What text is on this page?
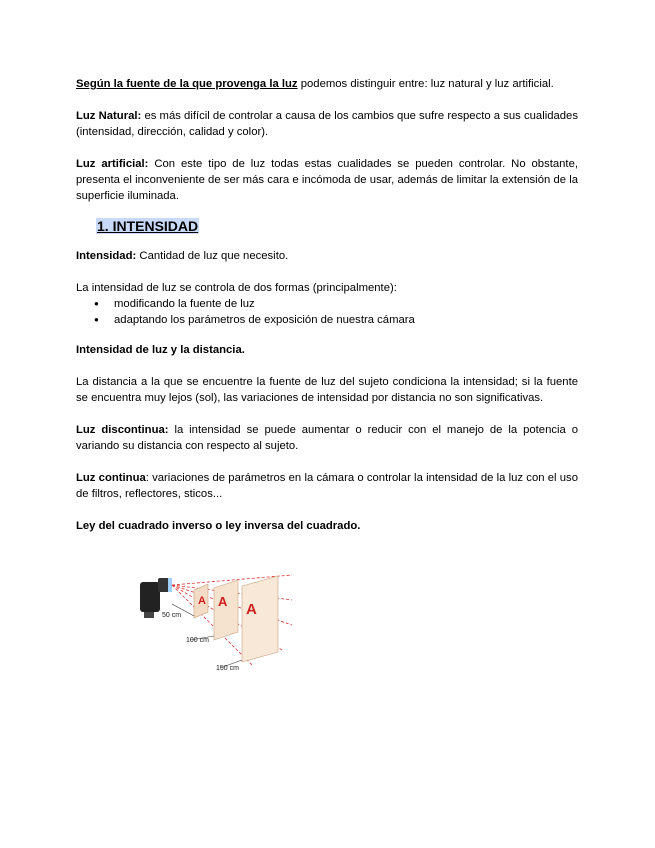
Según la fuente de la que provenga la luz podemos distinguir entre: luz natural y luz artificial.

Luz Natural: es más difícil de controlar a causa de los cambios que sufre respecto a sus cualidades (intensidad, dirección, calidad y color).

Luz artificial: Con este tipo de luz todas estas cualidades se pueden controlar. No obstante, presenta el inconveniente de ser más cara e incómoda de usar, además de limitar la extensión de la superficie iluminada.

1. INTENSIDAD

Intensidad: Cantidad de luz que necesito.

La intensidad de luz se controla de dos formas (principalmente):

● modificando la fuente de luz
● adaptando los parámetros de exposición de nuestra cámara

Intensidad de luz y la distancia.

La distancia a la que se encuentre la fuente de luz del sujeto condiciona la intensidad; si la fuente se encuentra muy lejos (sol), las variaciones de intensidad por distancia no son significativas.

Luz discontinua: la intensidad se puede aumentar o reducir con el manejo de la potencia o variando su distancia con respecto al sujeto.

Luz continua: variaciones de parámetros en la cámara o controlar la intensidad de la luz con el uso de filtros, reflectores, sticos...

Ley del cuadrado inverso o ley inversa del cuadrado.

A A A
50 cm
100 cm
150 cm
